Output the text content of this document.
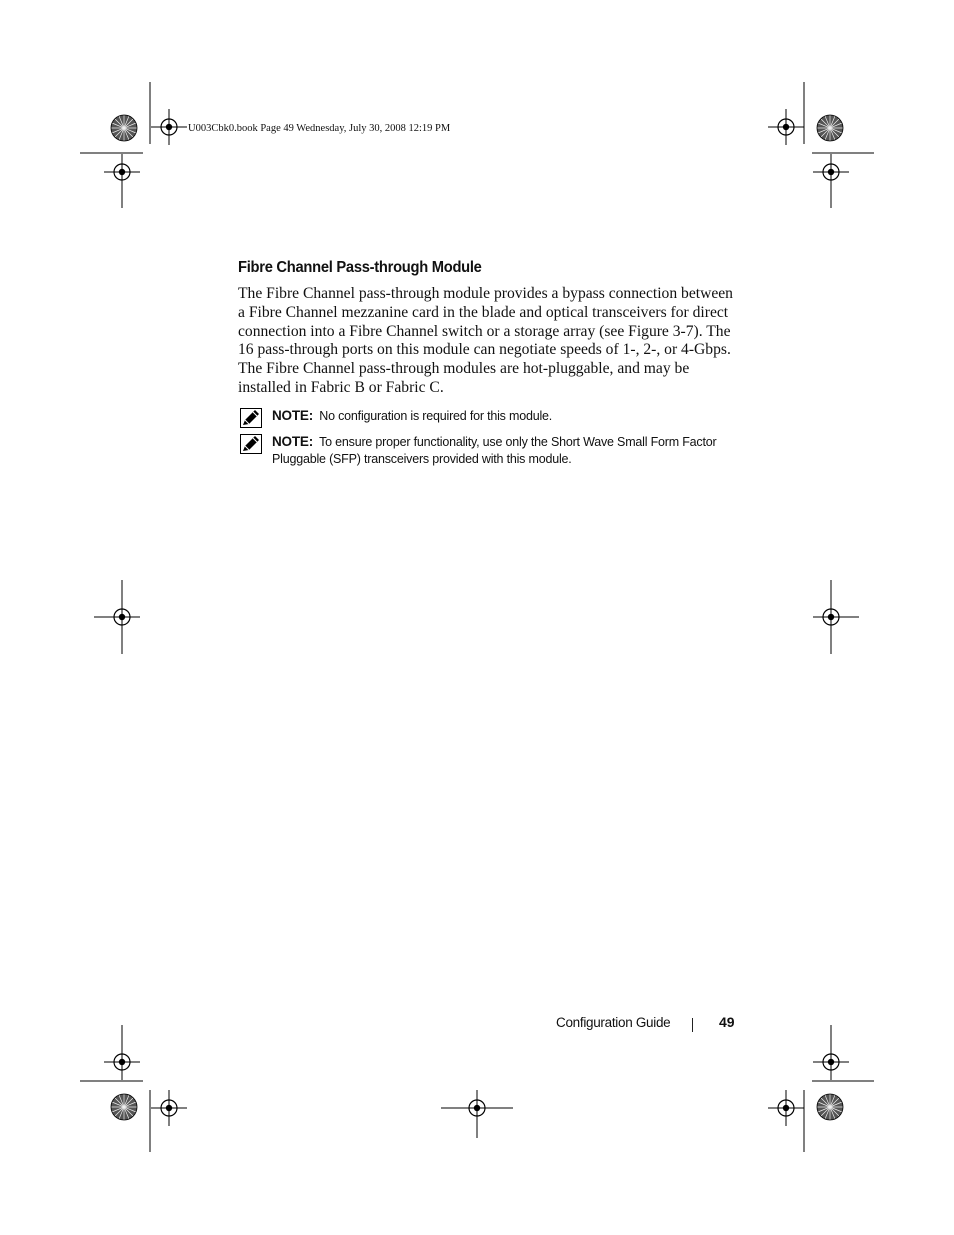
U003Cbk0.book Page 49 Wednesday, July 30, 2008 12:19 PM
Fibre Channel Pass-through Module
The Fibre Channel pass-through module provides a bypass connection between a Fibre Channel mezzanine card in the blade and optical transceivers for direct connection into a Fibre Channel switch or a storage array (see Figure 3-7). The 16 pass-through ports on this module can negotiate speeds of 1-, 2-, or 4-Gbps. The Fibre Channel pass-through modules are hot-pluggable, and may be installed in Fabric B or Fabric C.
NOTE: No configuration is required for this module.
NOTE: To ensure proper functionality, use only the Short Wave Small Form Factor Pluggable (SFP) transceivers provided with this module.
Configuration Guide	49
